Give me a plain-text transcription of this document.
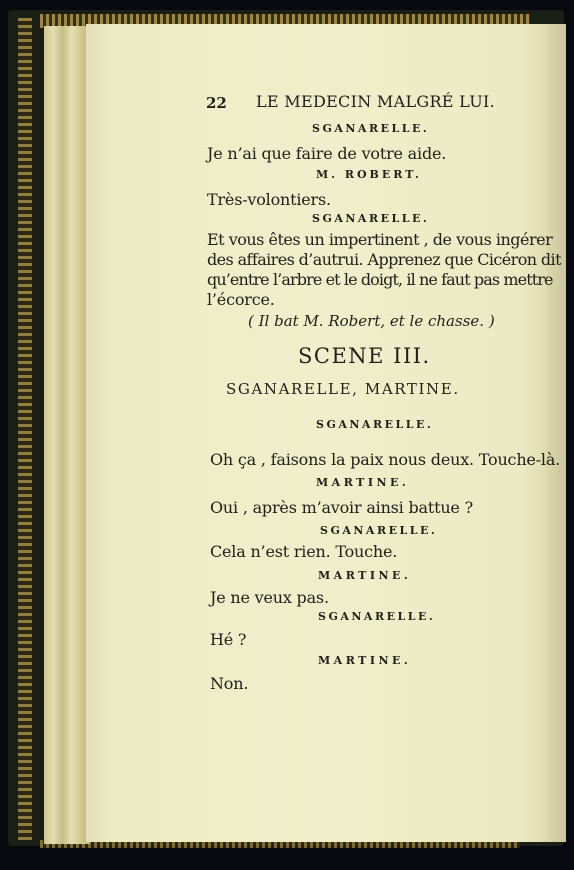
22 LE MEDECIN MALGRÉ LUI.
SGANARELLE.
Je n’ai que faire de votre aide.
M. ROBERT.
Très-volontiers.
SGANARELLE.
Et vous êtes un impertinent , de vous ingérer
des affaires d’autrui. Apprenez que Cicéron dit
qu’entre l’arbre et le doigt, il ne faut pas mettre
l’écorce.
( Il bat M. Robert, et le chasse. )
SCENE III.
SGANARELLE, MARTINE.
SGANARELLE.
Oh ça , faisons la paix nous deux. Touche-là.
MARTINE.
Oui , après m’avoir ainsi battue ?
SGANARELLE.
Cela n’est rien. Touche.
MARTINE.
Je ne veux pas.
SGANARELLE.
Hé ?
MARTINE.
Non.
